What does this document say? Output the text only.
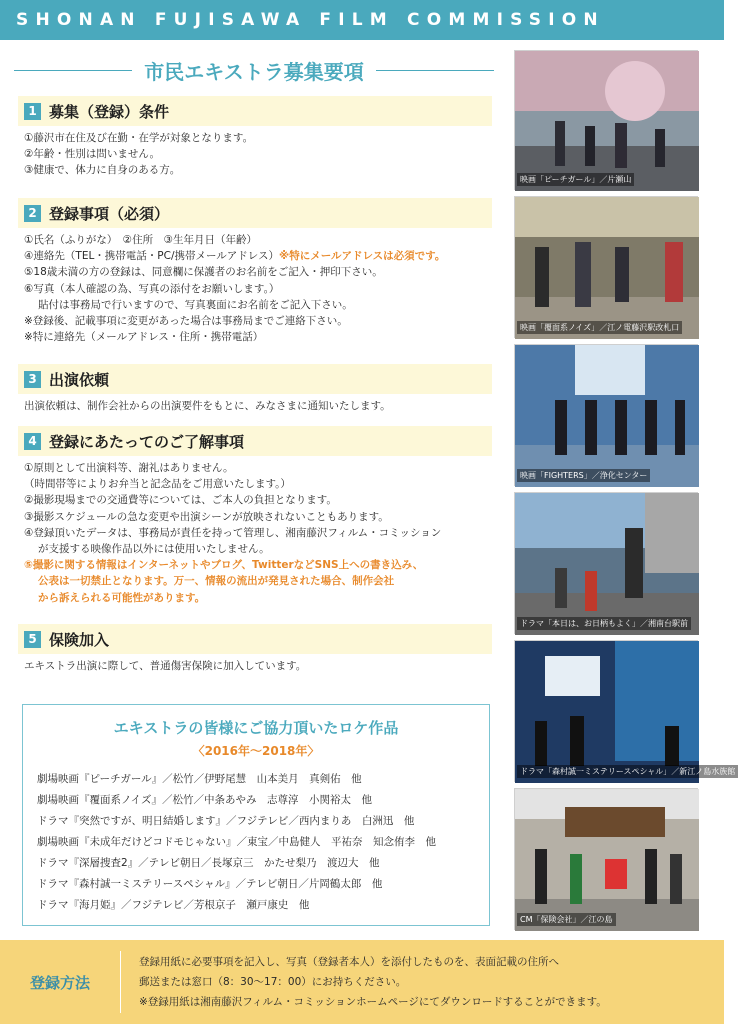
SHONAN FUJISAWA FILM COMMISSION
市民エキストラ募集要項
1 募集（登録）条件
①藤沢市在住及び在勤・在学が対象となります。
②年齢・性別は問いません。
③健康で、体力に自身のある方。
2 登録事項（必須）
①氏名（ふりがな）　②住所　③生年月日（年齢）
④連絡先（TEL・携帯電話・PC/携帯メールアドレス）※特にメールアドレスは必須です。
⑤18歳未満の方の登録は、同意欄に保護者のお名前をご記入・押印下さい。
⑥写真（本人確認の為、写真の添付をお願いします。）
貼付は事務局で行いますので、写真裏面にお名前をご記入下さい。
※登録後、記載事項に変更があった場合は事務局までご連絡下さい。
※特に連絡先（メールアドレス・住所・携帯電話）
3 出演依頼
出演依頼は、制作会社からの出演要件をもとに、みなさまに通知いたします。
4 登録にあたってのご了解事項
①原則として出演料等、謝礼はありません。
（時間帯等によりお弁当と記念品をご用意いたします。）
②撮影現場までの交通費等については、ご本人の負担となります。
③撮影スケジュールの急な変更や出演シーンが放映されないこともあります。
④登録頂いたデータは、事務局が責任を持って管理し、湘南藤沢フィルム・コミッション
が支援する映像作品以外には使用いたしません。
⑤撮影に関する情報はインターネットやブログ、TwitterなどSNS上への書き込み、
公表は一切禁止となります。万一、情報の流出が発見された場合、制作会社
から訴えられる可能性があります。
5 保険加入
エキストラ出演に際して、普通傷害保険に加入しています。
エキストラの皆様にご協力頂いたロケ作品
〈2016年〜2018年〉
劇場映画『ピーチガール』／松竹／伊野尾慧　山本美月　真剣佑　他
劇場映画『覆面系ノイズ』／松竹／中条あやみ　志尊淳　小関裕太　他
ドラマ『突然ですが、明日結婚します』／フジテレビ／西内まりあ　白洲迅　他
劇場映画『未成年だけどコドモじゃない』／東宝／中島健人　平祐奈　知念侑李　他
ドラマ『深層捜査2』／テレビ朝日／長塚京三　かたせ梨乃　渡辺大　他
ドラマ『森村誠一ミステリースペシャル』／テレビ朝日／片岡鶴太郎　他
ドラマ『海月姫』／フジテレビ／芳根京子　瀬戸康史　他
映画「ピーチガール」／片瀬山
映画「覆面系ノイズ」／江ノ電藤沢駅改札口
映画「FIGHTERS」／浄化センター
ドラマ「本日は、お日柄もよく」／湘南台駅前
ドラマ「森村誠一ミステリースペシャル」／新江ノ島水族館
CM「保険会社」／江の島
登録方法
登録用紙に必要事項を記入し、写真（登録者本人）を添付したものを、表面記載の住所へ
郵送または窓口（8：30〜17：00）にお持ちください。
※登録用紙は湘南藤沢フィルム・コミッションホームページにてダウンロードすることができます。
